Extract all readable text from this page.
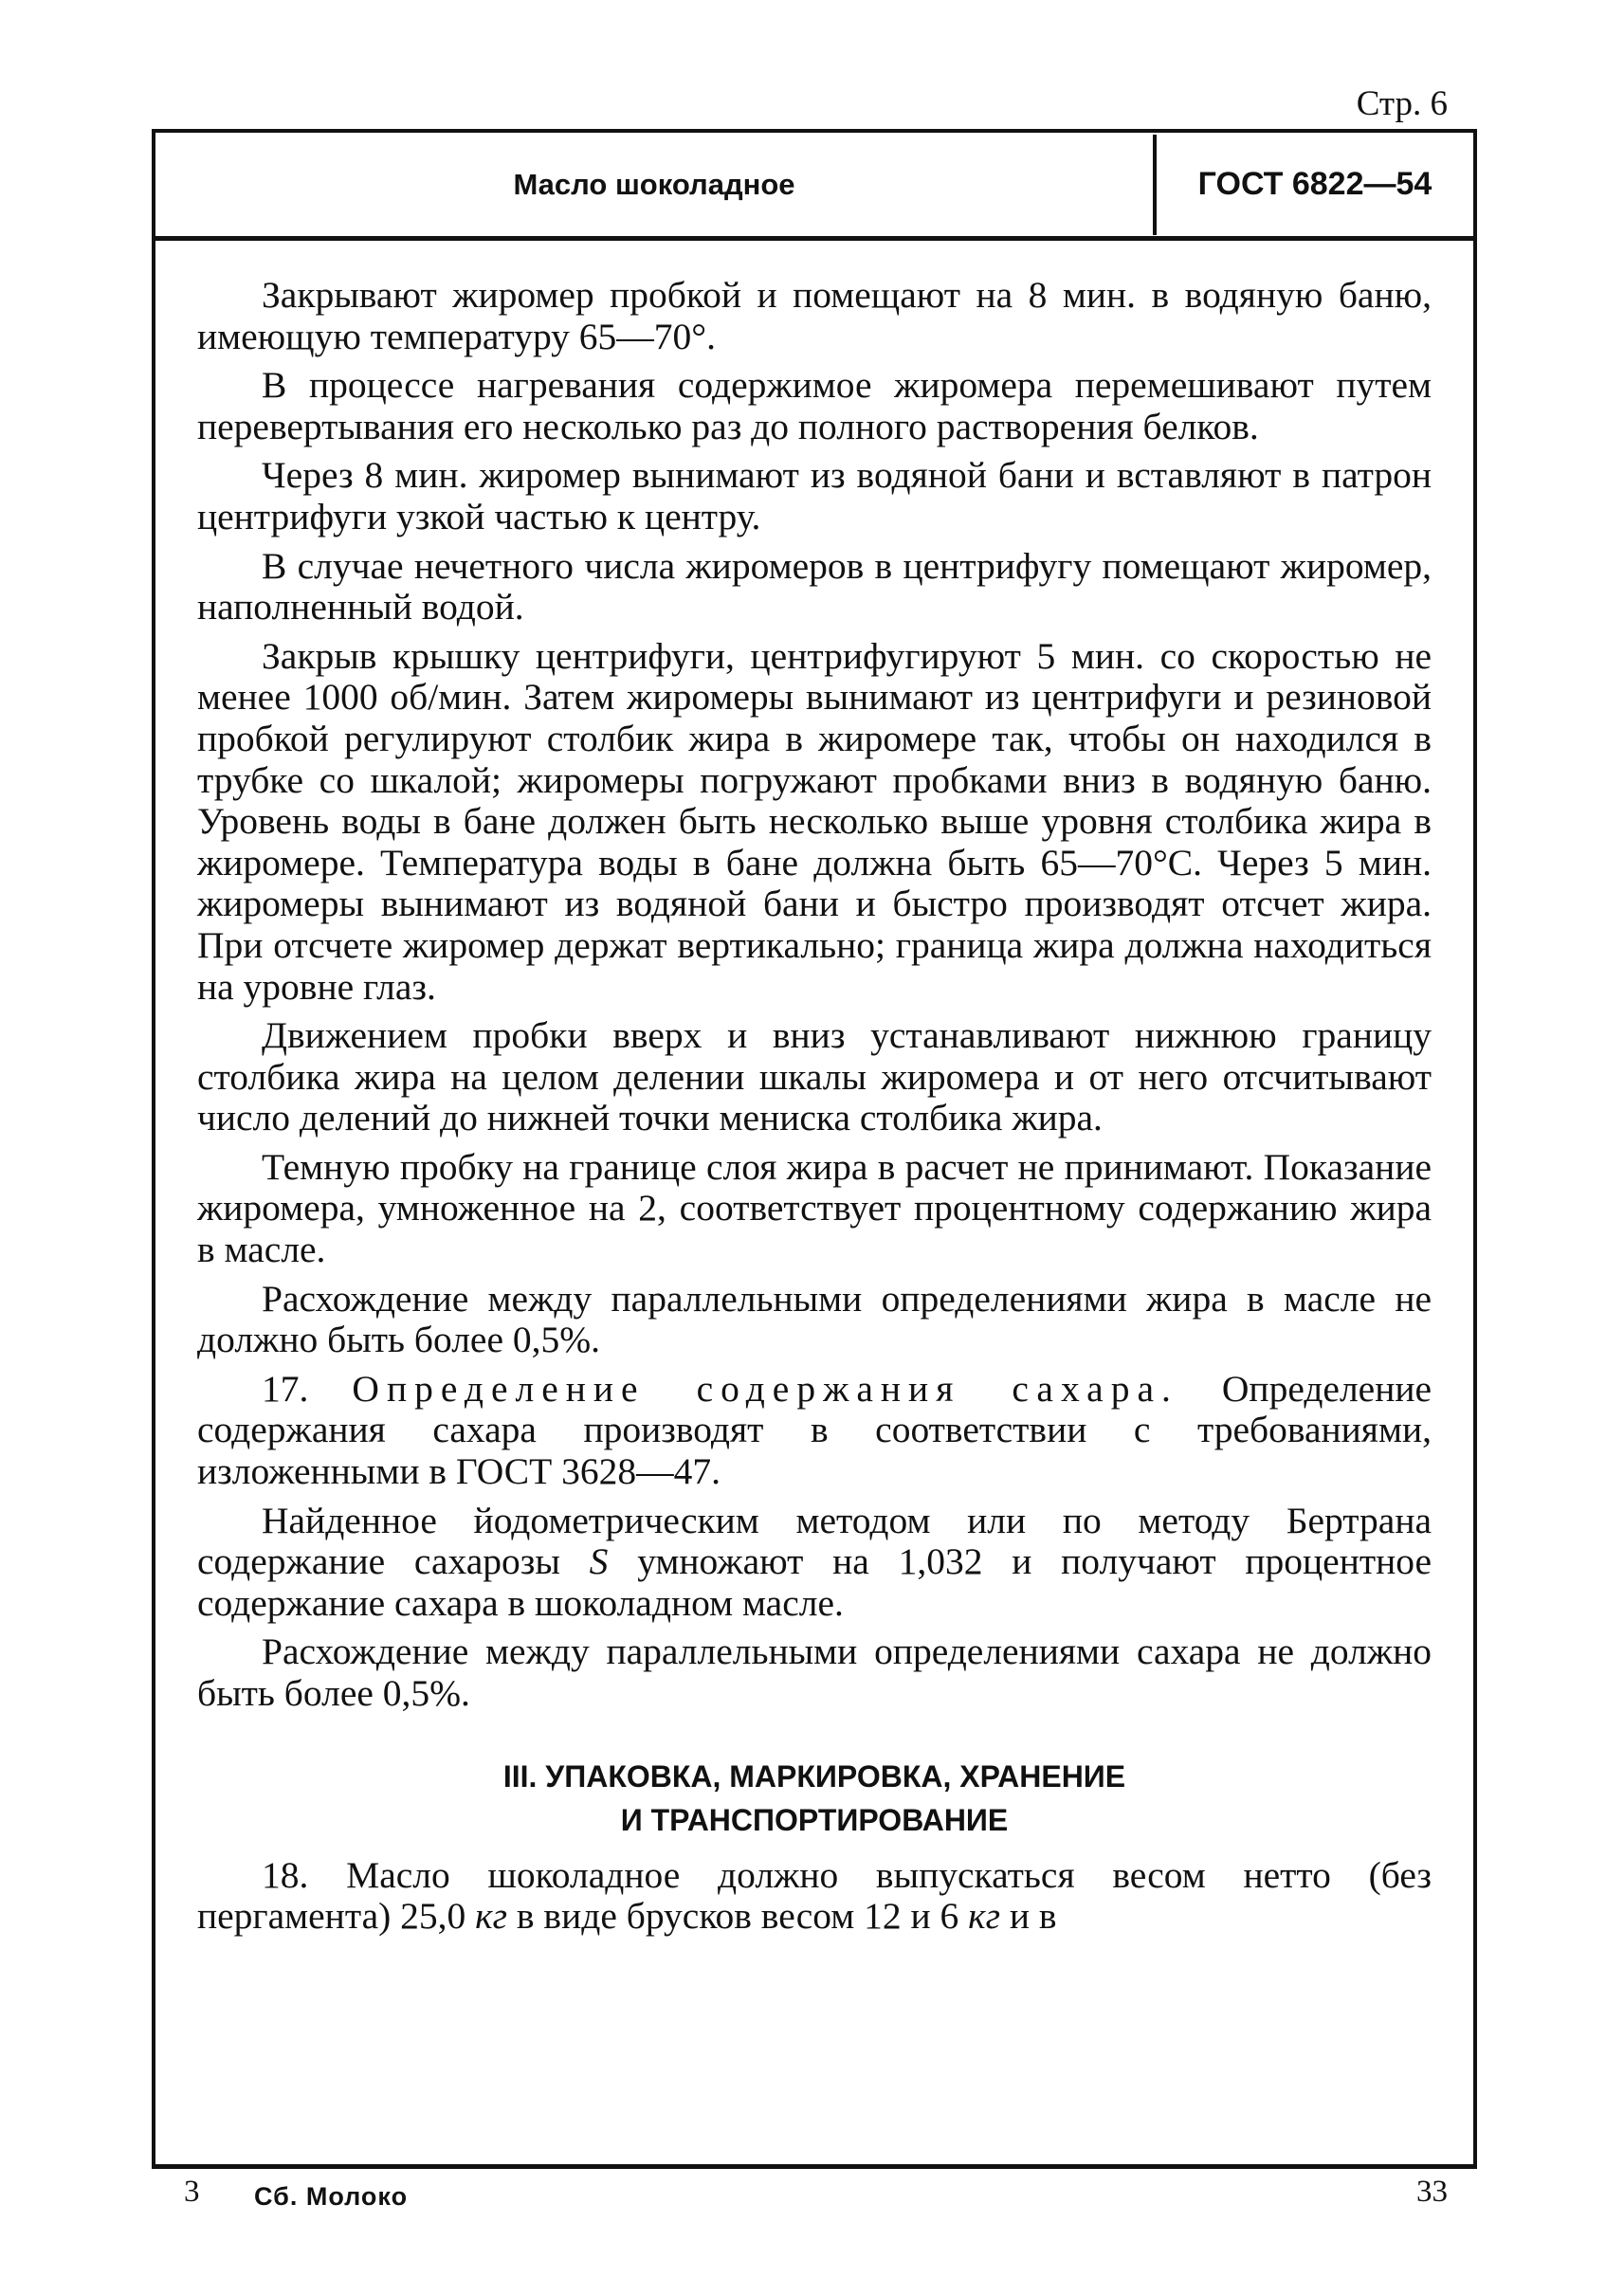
Стр. 6
Масло шоколадное	ГОСТ 6822—54

Закрывают жиромер пробкой и помещают на 8 мин. в водяную баню, имеющую температуру 65—70°.

В процессе нагревания содержимое жиромера перемешивают путем перевертывания его несколько раз до полного растворения белков.

Через 8 мин. жиромер вынимают из водяной бани и вставляют в патрон центрифуги узкой частью к центру.

В случае нечетного числа жиромеров в центрифугу помещают жиромер, наполненный водой.

Закрыв крышку центрифуги, центрифугируют 5 мин. со скоростью не менее 1000 об/мин. Затем жиромеры вынимают из центрифуги и резиновой пробкой регулируют столбик жира в жиромере так, чтобы он находился в трубке со шкалой; жиромеры погружают пробками вниз в водяную баню. Уровень воды в бане должен быть несколько выше уровня столбика жира в жиромере. Температура воды в бане должна быть 65—70°С. Через 5 мин. жиромеры вынимают из водяной бани и быстро производят отсчет жира. При отсчете жиромер держат вертикально; граница жира должна находиться на уровне глаз.

Движением пробки вверх и вниз устанавливают нижнюю границу столбика жира на целом делении шкалы жиромера и от него отсчитывают число делений до нижней точки мениска столбика жира.

Темную пробку на границе слоя жира в расчет не принимают. Показание жиромера, умноженное на 2, соответствует процентному содержанию жира в масле.

Расхождение между параллельными определениями жира в масле не должно быть более 0,5%.

17. Определение содержания сахара. Определение содержания сахара производят в соответствии с требованиями, изложенными в ГОСТ 3628—47.

Найденное йодометрическим методом или по методу Бертрана содержание сахарозы S умножают на 1,032 и получают процентное содержание сахара в шоколадном масле.

Расхождение между параллельными определениями сахара не должно быть более 0,5%.

III. УПАКОВКА, МАРКИРОВКА, ХРАНЕНИЕ
И ТРАНСПОРТИРОВАНИЕ

18. Масло шоколадное должно выпускаться весом нетто (без пергамента) 25,0 кг в виде брусков весом 12 и 6 кг и в

3 Сб. Молоко	33
